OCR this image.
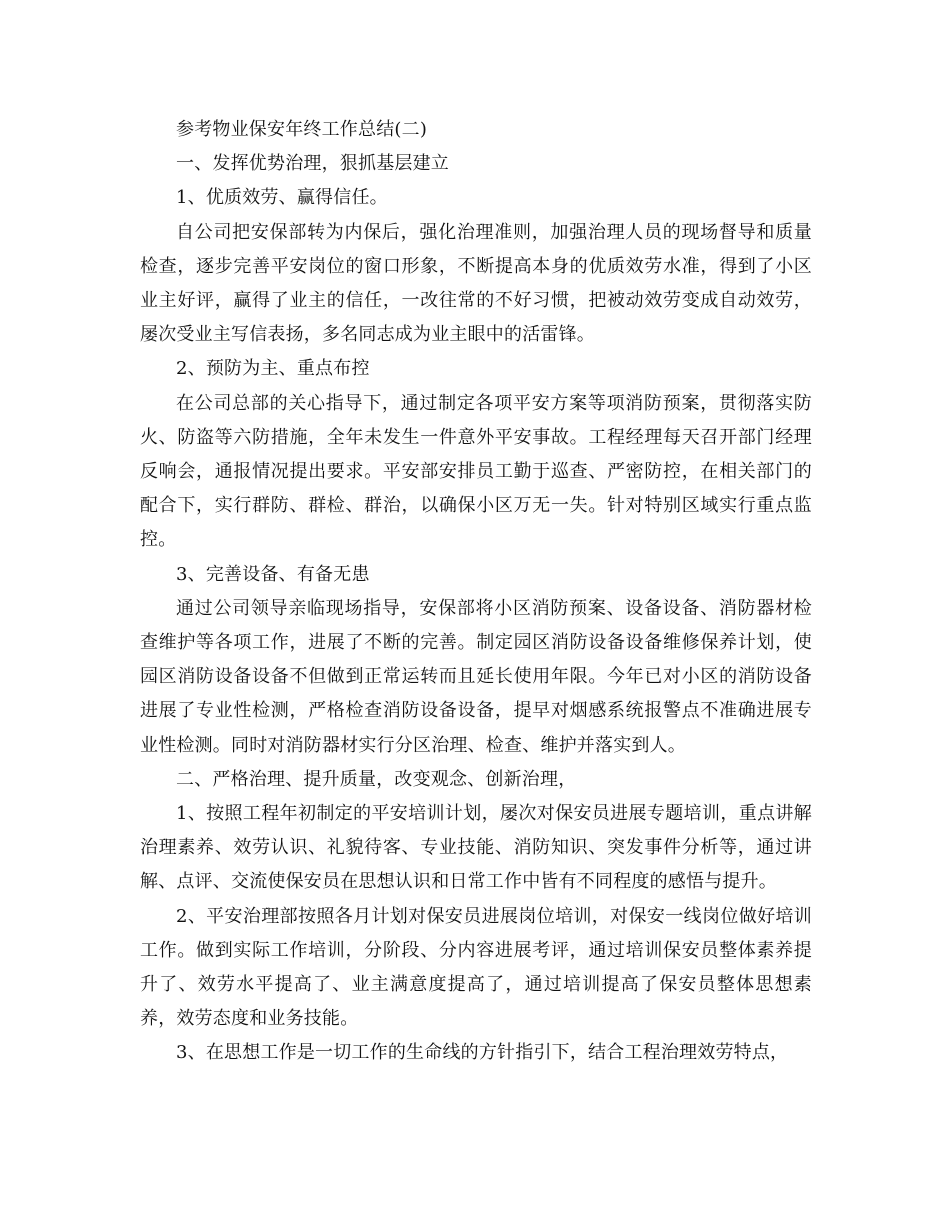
参考物业保安年终工作总结(二)

一、发挥优势治理，狠抓基层建立

1、优质效劳、赢得信任。

自公司把安保部转为内保后，强化治理准则，加强治理人员的现场督导和质量检查，逐步完善平安岗位的窗口形象，不断提高本身的优质效劳水准，得到了小区业主好评，赢得了业主的信任，一改往常的不好习惯，把被动效劳变成自动效劳，屡次受业主写信表扬，多名同志成为业主眼中的活雷锋。

2、预防为主、重点布控

在公司总部的关心指导下，通过制定各项平安方案等项消防预案，贯彻落实防火、防盗等六防措施，全年未发生一件意外平安事故。工程经理每天召开部门经理反响会，通报情况提出要求。平安部安排员工勤于巡查、严密防控，在相关部门的配合下，实行群防、群检、群治，以确保小区万无一失。针对特别区域实行重点监控。

3、完善设备、有备无患

通过公司领导亲临现场指导，安保部将小区消防预案、设备设备、消防器材检查维护等各项工作，进展了不断的完善。制定园区消防设备设备维修保养计划，使园区消防设备设备不但做到正常运转而且延长使用年限。今年已对小区的消防设备进展了专业性检测，严格检查消防设备设备，提早对烟感系统报警点不准确进展专业性检测。同时对消防器材实行分区治理、检查、维护并落实到人。

二、严格治理、提升质量，改变观念、创新治理，

1、按照工程年初制定的平安培训计划，屡次对保安员进展专题培训，重点讲解治理素养、效劳认识、礼貌待客、专业技能、消防知识、突发事件分析等，通过讲解、点评、交流使保安员在思想认识和日常工作中皆有不同程度的感悟与提升。

2、平安治理部按照各月计划对保安员进展岗位培训，对保安一线岗位做好培训工作。做到实际工作培训，分阶段、分内容进展考评，通过培训保安员整体素养提升了、效劳水平提高了、业主满意度提高了，通过培训提高了保安员整体思想素养，效劳态度和业务技能。

3、在思想工作是一切工作的生命线的方针指引下，结合工程治理效劳特点，
